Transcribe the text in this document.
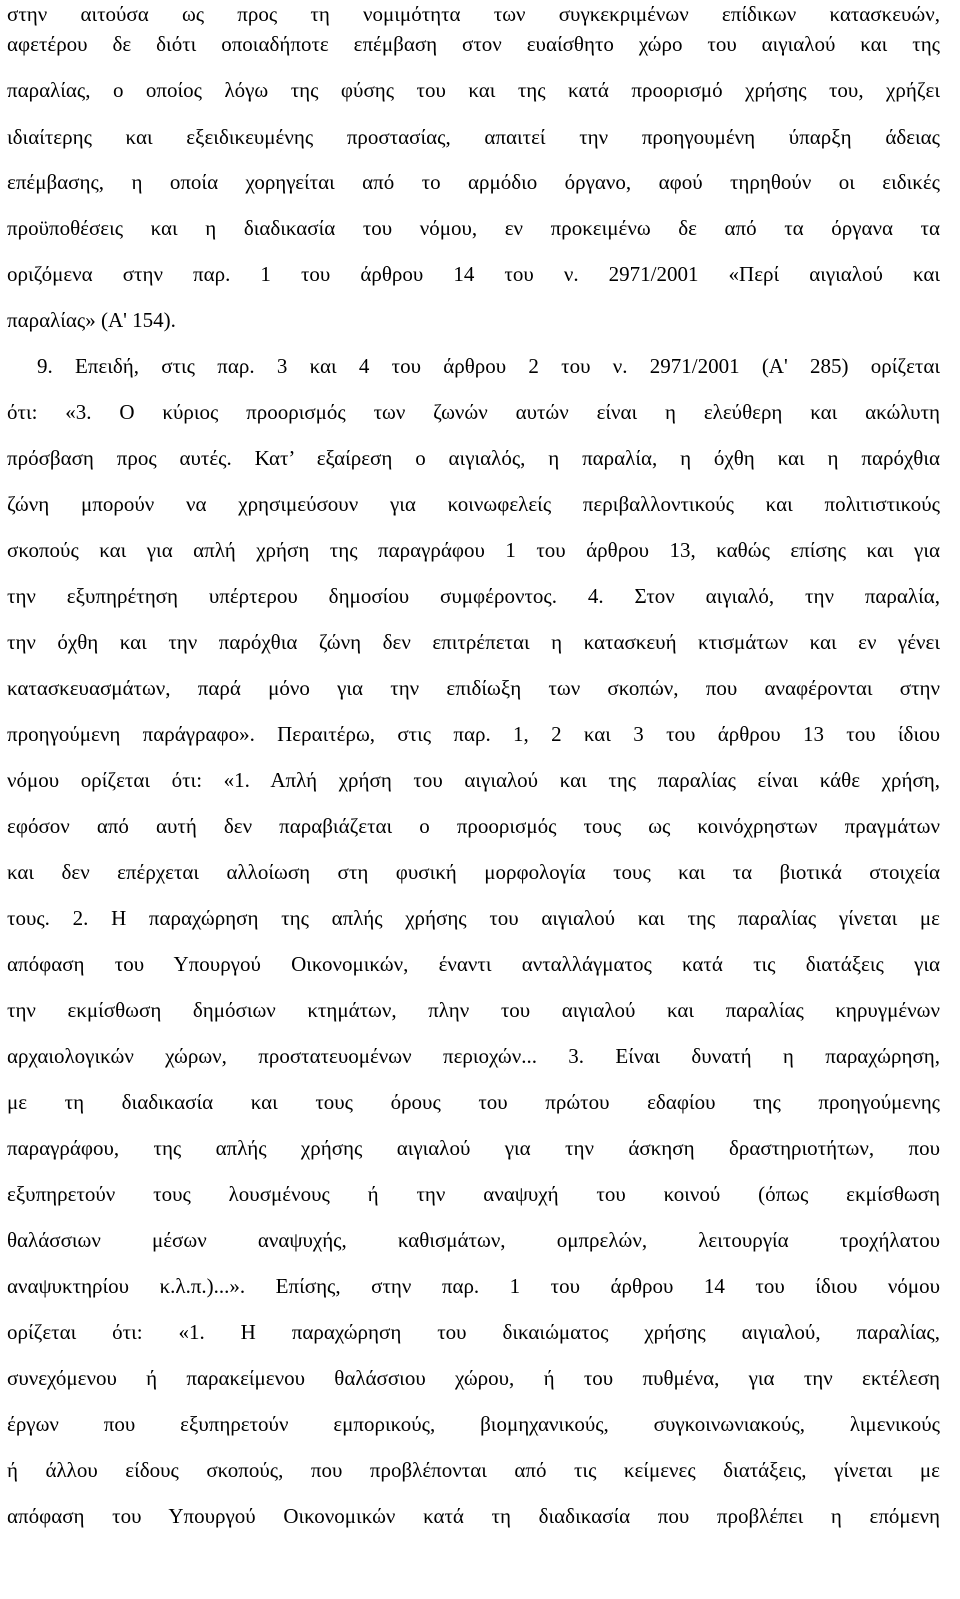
στην αιτούσα ως προς τη νομιμότητα των συγκεκριμένων επίδικων κατασκευών,
αφετέρου δε διότι οποιαδήποτε επέμβαση στον ευαίσθητο χώρο του αιγιαλού και της
παραλίας, ο οποίος λόγω της φύσης του και της κατά προορισμό χρήσης του, χρήζει
ιδιαίτερης και εξειδικευμένης προστασίας, απαιτεί την προηγουμένη ύπαρξη άδειας
επέμβασης, η οποία χορηγείται από το αρμόδιο όργανο, αφού τηρηθούν οι ειδικές
προϋποθέσεις και η διαδικασία του νόμου, εν προκειμένω δε από τα όργανα τα
οριζόμενα στην παρ. 1 του άρθρου 14 του ν. 2971/2001 «Περί αιγιαλού και
παραλίας» (Α' 154).
9. Επειδή, στις παρ. 3 και 4 του άρθρου 2 του ν. 2971/2001 (Α' 285) ορίζεται
ότι: «3. Ο κύριος προορισμός των ζωνών αυτών είναι η ελεύθερη και ακώλυτη
πρόσβαση προς αυτές. Κατ’ εξαίρεση ο αιγιαλός, η παραλία, η όχθη και η παρόχθια
ζώνη μπορούν να χρησιμεύσουν για κοινωφελείς περιβαλλοντικούς και πολιτιστικούς
σκοπούς και για απλή χρήση της παραγράφου 1 του άρθρου 13, καθώς επίσης και για
την εξυπηρέτηση υπέρτερου δημοσίου συμφέροντος. 4. Στον αιγιαλό, την παραλία,
την όχθη και την παρόχθια ζώνη δεν επιτρέπεται η κατασκευή κτισμάτων και εν γένει
κατασκευασμάτων, παρά μόνο για την επιδίωξη των σκοπών, που αναφέρονται στην
προηγούμενη παράγραφο». Περαιτέρω, στις παρ. 1, 2 και 3 του άρθρου 13 του ίδιου
νόμου ορίζεται ότι: «1. Απλή χρήση του αιγιαλού και της παραλίας είναι κάθε χρήση,
εφόσον από αυτή δεν παραβιάζεται ο προορισμός τους ως κοινόχρηστων πραγμάτων
και δεν επέρχεται αλλοίωση στη φυσική μορφολογία τους και τα βιοτικά στοιχεία
τους. 2. Η παραχώρηση της απλής χρήσης του αιγιαλού και της παραλίας γίνεται με
απόφαση του Υπουργού Οικονομικών, έναντι ανταλλάγματος κατά τις διατάξεις για
την εκμίσθωση δημόσιων κτημάτων, πλην του αιγιαλού και παραλίας κηρυγμένων
αρχαιολογικών χώρων, προστατευομένων περιοχών... 3. Είναι δυνατή η παραχώρηση,
με τη διαδικασία και τους όρους του πρώτου εδαφίου της προηγούμενης
παραγράφου, της απλής χρήσης αιγιαλού για την άσκηση δραστηριοτήτων, που
εξυπηρετούν τους λουσμένους ή την αναψυχή του κοινού (όπως εκμίσθωση
θαλάσσιων μέσων αναψυχής, καθισμάτων, ομπρελών, λειτουργία τροχήλατου
αναψυκτηρίου κ.λ.π.)...». Επίσης, στην παρ. 1 του άρθρου 14 του ίδιου νόμου
ορίζεται ότι: «1. Η παραχώρηση του δικαιώματος χρήσης αιγιαλού, παραλίας,
συνεχόμενου ή παρακείμενου θαλάσσιου χώρου, ή του πυθμένα, για την εκτέλεση
έργων που εξυπηρετούν εμπορικούς, βιομηχανικούς, συγκοινωνιακούς, λιμενικούς
ή άλλου είδους σκοπούς, που προβλέπονται από τις κείμενες διατάξεις, γίνεται με
απόφαση του Υπουργού Οικονομικών κατά τη διαδικασία που προβλέπει η επόμενη
